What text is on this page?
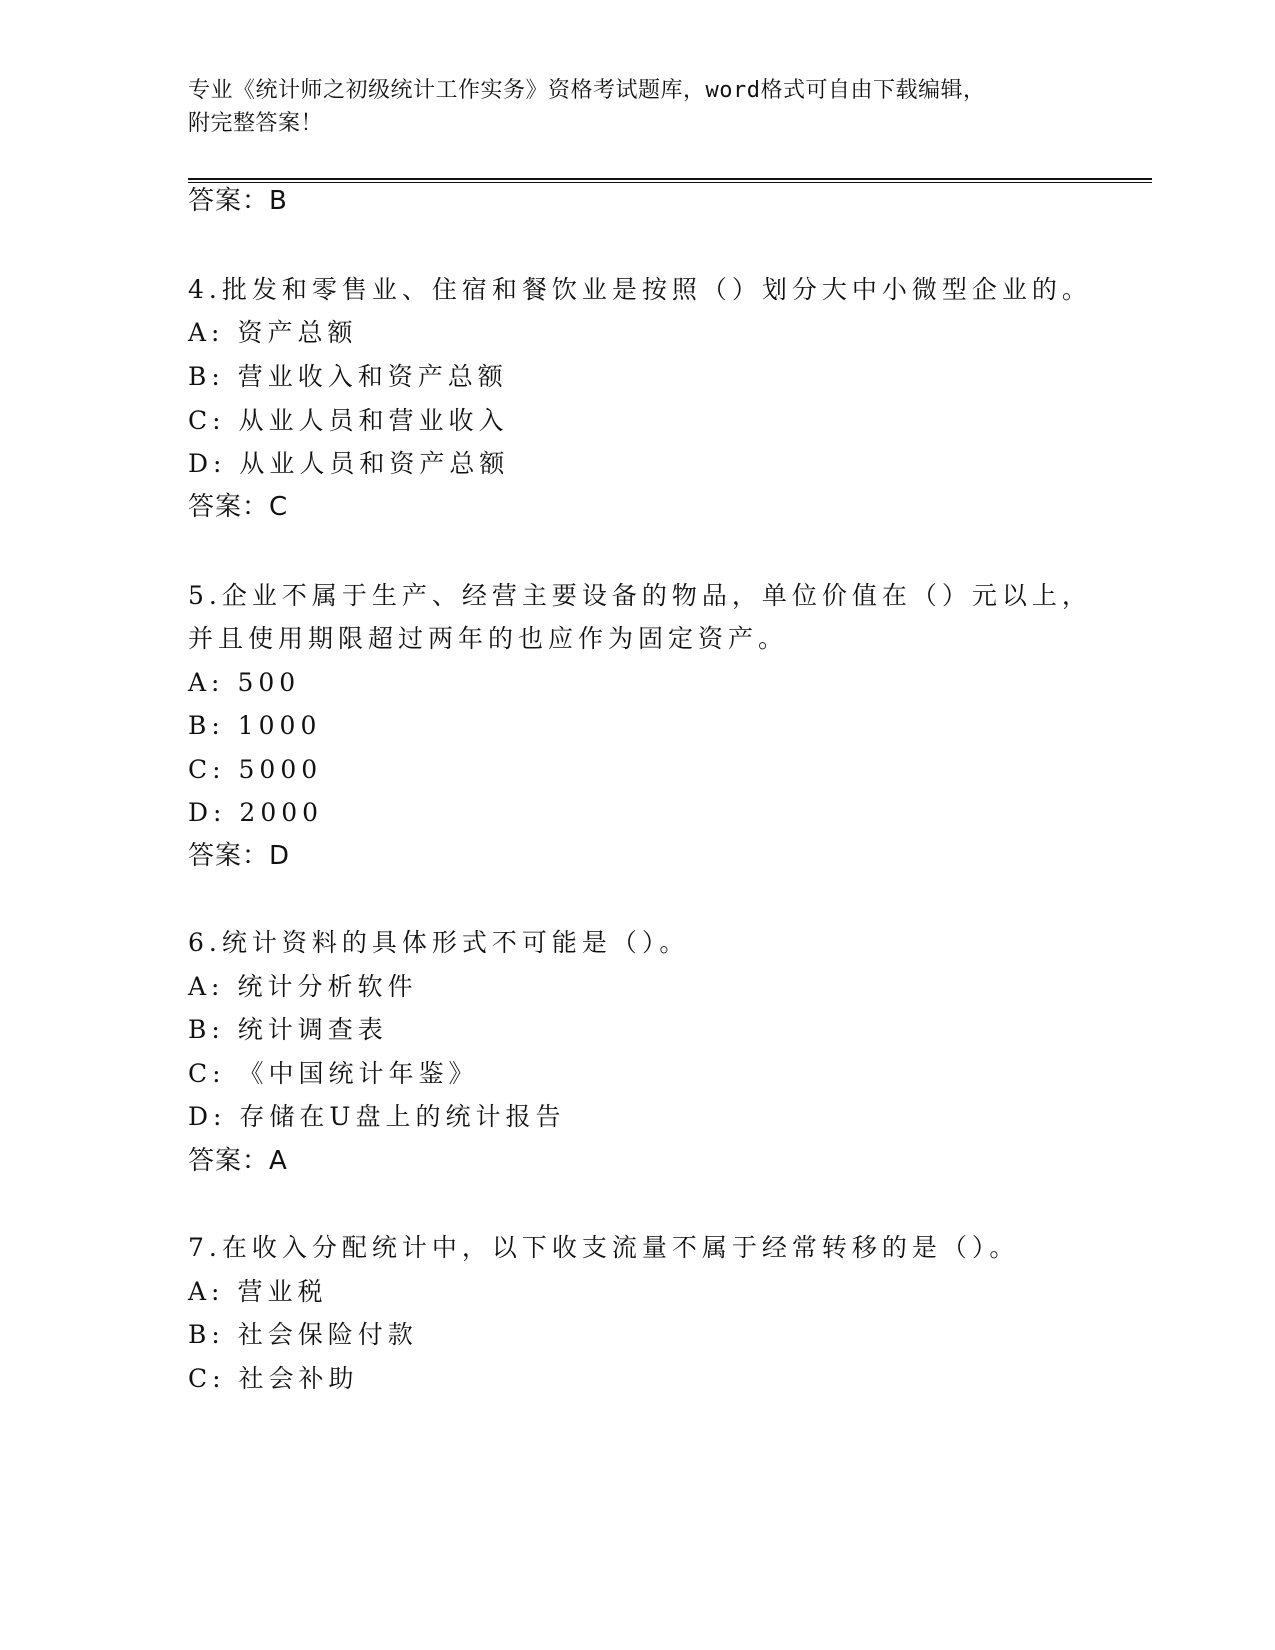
专业《统计师之初级统计工作实务》资格考试题库，word格式可自由下载编辑，
附完整答案！
答案：B
4.批发和零售业、住宿和餐饮业是按照（）划分大中小微型企业的。
A: 资产总额
B: 营业收入和资产总额
C: 从业人员和营业收入
D: 从业人员和资产总额
答案：C
5.企业不属于生产、经营主要设备的物品，单位价值在（）元以上，
并且使用期限超过两年的也应作为固定资产。
A: 500
B: 1000
C: 5000
D: 2000
答案：D
6.统计资料的具体形式不可能是（）。
A: 统计分析软件
B: 统计调查表
C: 《中国统计年鉴》
D: 存储在U盘上的统计报告
答案：A
7.在收入分配统计中，以下收支流量不属于经常转移的是（）。
A: 营业税
B: 社会保险付款
C: 社会补助
